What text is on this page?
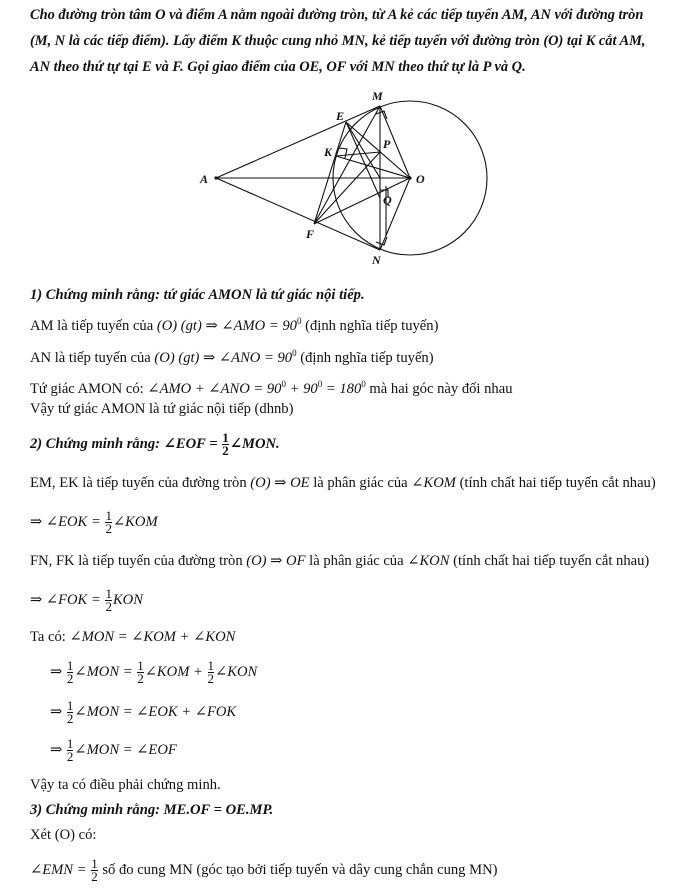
Cho đường tròn tâm O và điểm A nằm ngoài đường tròn, từ A kẻ các tiếp tuyến AM, AN với đường tròn
(M, N là các tiếp điểm). Lấy điểm K thuộc cung nhỏ MN, kẻ tiếp tuyến với đường tròn (O) tại K cắt AM,
AN theo thứ tự tại E và F. Gọi giao điểm của OE, OF với MN theo thứ tự là P và Q.
A
M
N
O
E
K
F
P
Q
1) Chứng minh rằng: tứ giác AMON là tứ giác nội tiếp.
AM là tiếp tuyến của (O) (gt) ⇒ ∠AMO = $90^0$ (định nghĩa tiếp tuyến)
AN là tiếp tuyến của (O) (gt) ⇒ ∠ANO = $90^0$ (định nghĩa tiếp tuyến)
Tứ giác AMON có: ∠AMO + ∠ANO = $90^0 + 90^0 = 180^0$ mà hai góc này đối nhau
Vậy tứ giác AMON là tứ giác nội tiếp (dhnb)
2) Chứng minh rằng: ∠EOF = $\frac{1}{2}$ ∠MON.
EM, EK là tiếp tuyến của đường tròn (O) ⇒ OE là phân giác của ∠KOM (tính chất hai tiếp tuyến cắt nhau)
⇒ ∠EOK = $\frac{1}{2}$ ∠KOM
FN, FK là tiếp tuyến của đường tròn (O) ⇒ OF là phân giác của ∠KON (tính chất hai tiếp tuyến cắt nhau)
⇒ ∠FOK = $\frac{1}{2}$ KON
Ta có: ∠MON = ∠KOM + ∠KON
⇒ $\frac{1}{2}$ ∠MON = $\frac{1}{2}$ ∠KOM + $\frac{1}{2}$ ∠KON
⇒ $\frac{1}{2}$ ∠MON = ∠EOK + ∠FOK
⇒ $\frac{1}{2}$ ∠MON = ∠EOF
Vậy ta có điều phải chứng minh.
3) Chứng minh rằng: ME.OF = OE.MP.
Xét (O) có:
∠EMN = $\frac{1}{2}$ số đo cung MN (góc tạo bởi tiếp tuyến và dây cung chắn cung MN)
